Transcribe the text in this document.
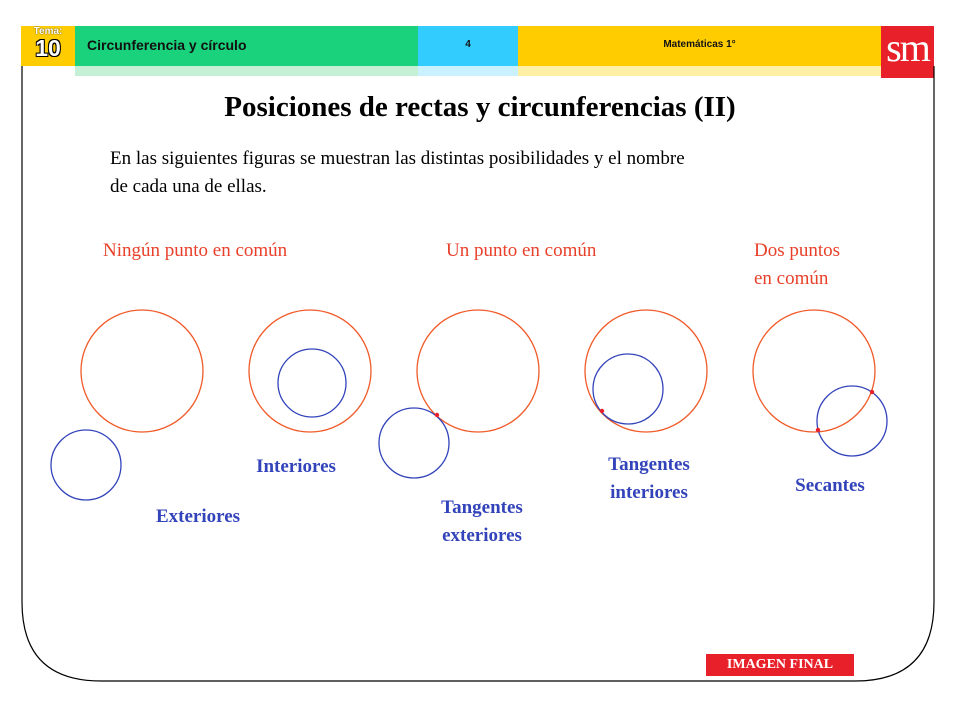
Tema:
10	Circunferencia y círculo	4	Matemáticas 1°	sm
Posiciones de rectas y circunferencias (II)
En las siguientes figuras se muestran las distintas posibilidades y el nombre
de cada una de ellas.
Ningún punto en común	Un punto en común	Dos puntos
en común
Exteriores
Interiores
Tangentes
exteriores
Tangentes
interiores	Secantes
IMAGEN FINAL
